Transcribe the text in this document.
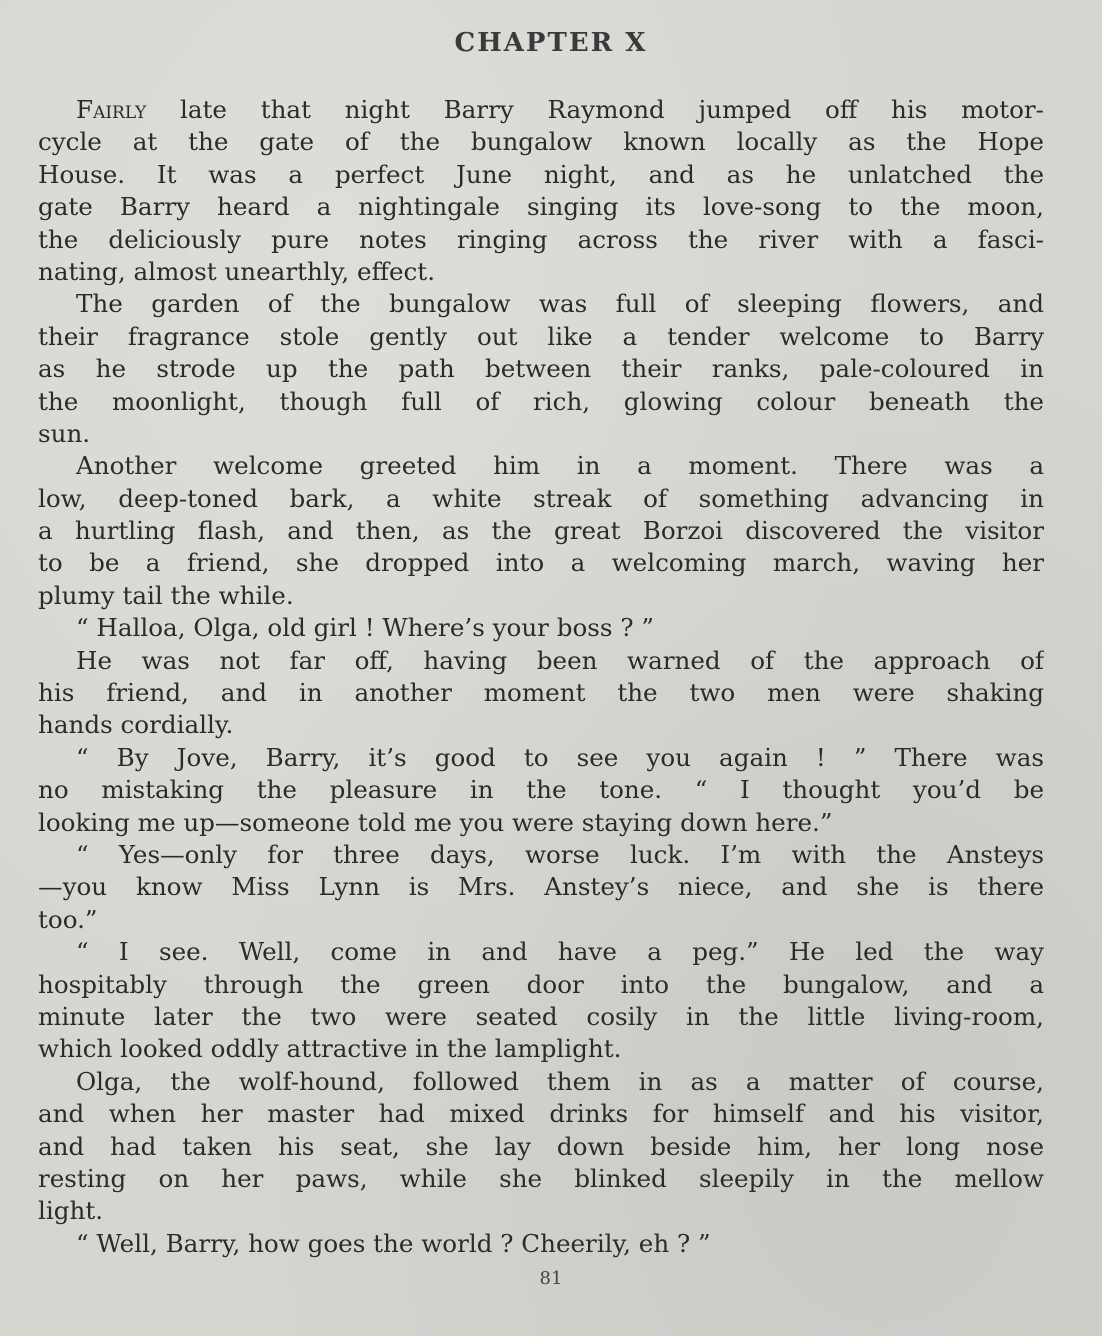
CHAPTER X
Fairly late that night Barry Raymond jumped off his motor-
cycle at the gate of the bungalow known locally as the Hope
House. It was a perfect June night, and as he unlatched the
gate Barry heard a nightingale singing its love-song to the moon,
the deliciously pure notes ringing across the river with a fasci-
nating, almost unearthly, effect.
The garden of the bungalow was full of sleeping flowers, and
their fragrance stole gently out like a tender welcome to Barry
as he strode up the path between their ranks, pale-coloured in
the moonlight, though full of rich, glowing colour beneath the
sun.
Another welcome greeted him in a moment. There was a
low, deep-toned bark, a white streak of something advancing in
a hurtling flash, and then, as the great Borzoi discovered the visitor
to be a friend, she dropped into a welcoming march, waving her
plumy tail the while.
“ Halloa, Olga, old girl ! Where’s your boss ? ”
He was not far off, having been warned of the approach of
his friend, and in another moment the two men were shaking
hands cordially.
“ By Jove, Barry, it’s good to see you again ! ” There was
no mistaking the pleasure in the tone. “ I thought you’d be
looking me up—someone told me you were staying down here.”
“ Yes—only for three days, worse luck. I’m with the Ansteys
—you know Miss Lynn is Mrs. Anstey’s niece, and she is there
too.”
“ I see. Well, come in and have a peg.” He led the way
hospitably through the green door into the bungalow, and a
minute later the two were seated cosily in the little living-room,
which looked oddly attractive in the lamplight.
Olga, the wolf-hound, followed them in as a matter of course,
and when her master had mixed drinks for himself and his visitor,
and had taken his seat, she lay down beside him, her long nose
resting on her paws, while she blinked sleepily in the mellow
light.
“ Well, Barry, how goes the world ? Cheerily, eh ? ”
81
